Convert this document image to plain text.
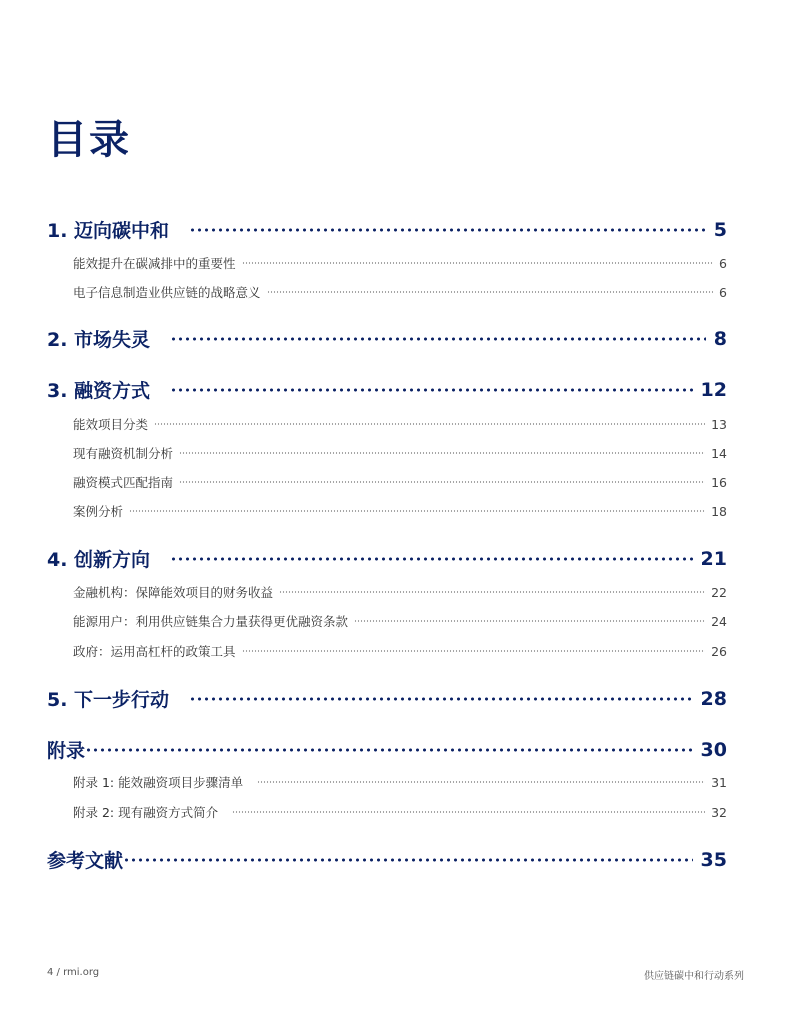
目录
1. 迈向碳中和	5
能效提升在碳减排中的重要性	6
电子信息制造业供应链的战略意义	6
2. 市场失灵	8
3. 融资方式	12
能效项目分类	13
现有融资机制分析	14
融资模式匹配指南	16
案例分析	18
4. 创新方向	21
金融机构：保障能效项目的财务收益	22
能源用户：利用供应链集合力量获得更优融资条款	24
政府：运用高杠杆的政策工具	26
5. 下一步行动	28
附录	30
附录 1: 能效融资项目步骤清单	31
附录 2: 现有融资方式简介	32
参考文献	35
4 / rmi.org	供应链碳中和行动系列
